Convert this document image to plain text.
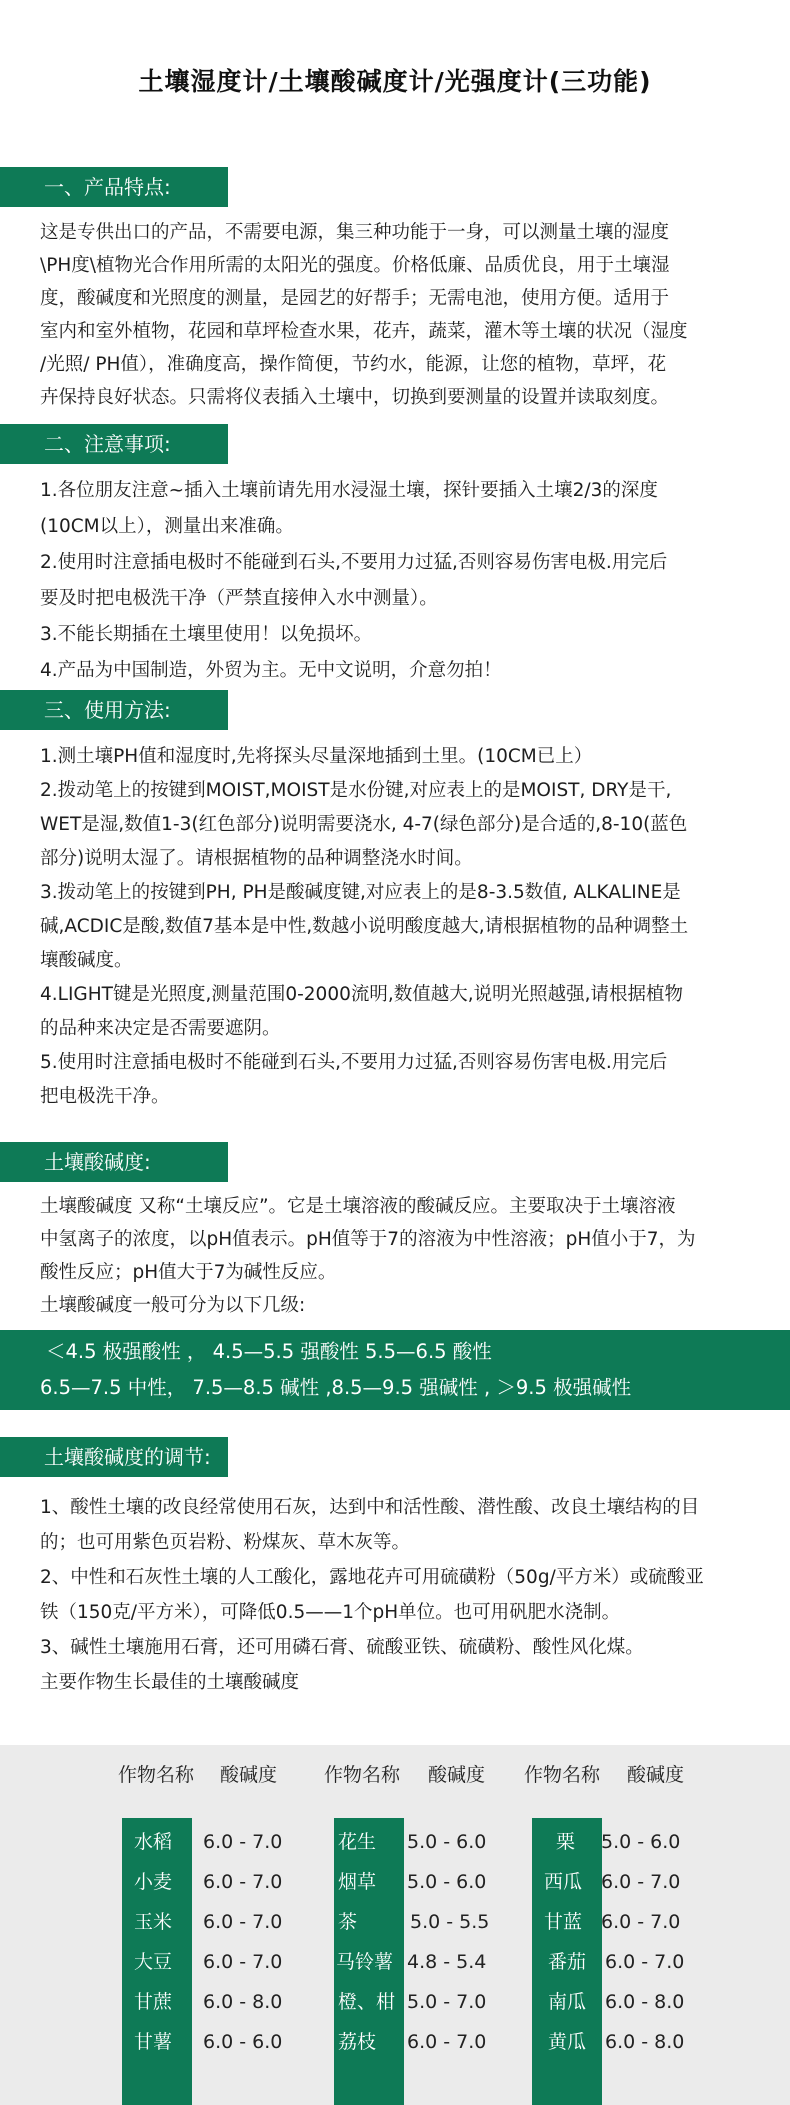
土壤湿度计/土壤酸碱度计/光强度计(三功能)
一、产品特点:

这是专供出口的产品，不需要电源，集三种功能于一身，可以测量土壤的湿度

\PH度\植物光合作用所需的太阳光的强度。价格低廉、品质优良，用于土壤湿

度，酸碱度和光照度的测量，是园艺的好帮手；无需电池，使用方便。适用于

室内和室外植物，花园和草坪检查水果，花卉，蔬菜，灌木等土壤的状况（湿度

/光照/ PH值），准确度高，操作简便，节约水，能源，让您的植物，草坪，花

卉保持良好状态。只需将仪表插入土壤中，切换到要测量的设置并读取刻度。

二、注意事项:

1.各位朋友注意~插入土壤前请先用水浸湿土壤，探针要插入土壤2/3的深度

(10CM以上），测量出来准确。

2.使用时注意插电极时不能碰到石头,不要用力过猛,否则容易伤害电极.用完后

要及时把电极洗干净（严禁直接伸入水中测量）。

3.不能长期插在土壤里使用！以免损坏。

4.产品为中国制造，外贸为主。无中文说明，介意勿拍！

三、使用方法:

1.测土壤PH值和湿度时,先将探头尽量深地插到土里。(10CM已上）

2.拨动笔上的按键到MOIST,MOIST是水份键,对应表上的是MOIST, DRY是干,

WET是湿,数值1-3(红色部分)说明需要浇水, 4-7(绿色部分)是合适的,8-10(蓝色

部分)说明太湿了。请根据植物的品种调整浇水时间。

3.拨动笔上的按键到PH, PH是酸碱度键,对应表上的是8-3.5数值, ALKALINE是

碱,ACDIC是酸,数值7基本是中性,数越小说明酸度越大,请根据植物的品种调整土

壤酸碱度。

4.LIGHT键是光照度,测量范围0-2000流明,数值越大,说明光照越强,请根据植物

的品种来决定是否需要遮阴。

5.使用时注意插电极时不能碰到石头,不要用力过猛,否则容易伤害电极.用完后

把电极洗干净。

土壤酸碱度:

土壤酸碱度 又称“土壤反应”。它是土壤溶液的酸碱反应。主要取决于土壤溶液

中氢离子的浓度，以pH值表示。pH值等于7的溶液为中性溶液；pH值小于7，为

酸性反应；pH值大于7为碱性反应。

土壤酸碱度一般可分为以下几级:

＜4.5 极强酸性 ， 4.5—5.5 强酸性 5.5—6.5 酸性
6.5—7.5 中性， 7.5—8.5 碱性 ,8.5—9.5 强碱性 , ＞9.5 极强碱性
土壤酸碱度的调节:

1、酸性土壤的改良经常使用石灰，达到中和活性酸、潜性酸、改良土壤结构的目

的；也可用紫色页岩粉、粉煤灰、草木灰等。

2、中性和石灰性土壤的人工酸化，露地花卉可用硫磺粉（50g/平方米）或硫酸亚

铁（150克/平方米），可降低0.5——1个pH单位。也可用矾肥水浇制。

3、碱性土壤施用石膏，还可用磷石膏、硫酸亚铁、硫磺粉、酸性风化煤。

主要作物生长最佳的土壤酸碱度

作物名称 酸碱度 作物名称 酸碱度 作物名称 酸碱度
水稻 6.0 - 7.0
小麦 6.0 - 7.0
玉米 6.0 - 7.0
大豆 6.0 - 7.0
甘蔗 6.0 - 8.0
甘薯 6.0 - 6.0
花生 5.0 - 6.0
烟草 5.0 - 6.0
茶	5.0 - 5.5
马铃薯 4.8 - 5.4
橙、柑 5.0 - 7.0
荔枝 6.0 - 7.0
栗 5.0 - 6.0
西瓜 6.0 - 7.0
甘蓝 6.0 - 7.0
番茄 6.0 - 7.0
南瓜 6.0 - 8.0
黄瓜 6.0 - 8.0
